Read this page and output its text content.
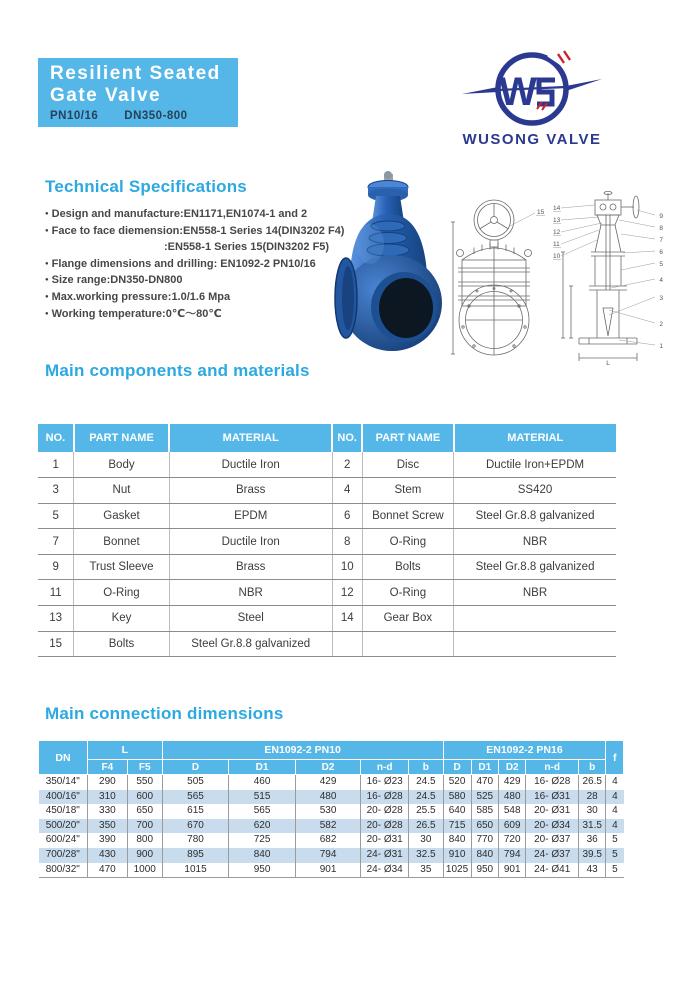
Resilient Seated
Gate Valve
PN10/16 DN350-800
W
WUSONG VALVE
Technical Specifications
● Design and manufacture:EN1171,EN1074-1 and 2
● Face to face diemension:EN558-1 Series 14(DIN3202 F4)
:EN558-1 Series 15(DIN3202 F5)
● Flange dimensions and drilling: EN1092-2 PN10/16
● Size range:DN350-DN800
● Max.working pressure:1.0/1.6 Mpa
● Working temperature:0℃～80℃
15
14
13
12
11
10
9
8
7
6
5
4
3
2
1
L
Main components and materials
NO.	PART NAME	MATERIAL	NO.	PART NAME	MATERIAL
1	Body	Ductile Iron	2	Disc	Ductile Iron+EPDM
3	Nut	Brass	4	Stem	SS420
5	Gasket	EPDM	6	Bonnet Screw	Steel Gr.8.8 galvanized
7	Bonnet	Ductile Iron	8	O-Ring	NBR
9	Trust Sleeve	Brass	10	Bolts	Steel Gr.8.8 galvanized
11	O-Ring	NBR	12	O-Ring	NBR
13	Key	Steel	14	Gear Box	
15	Bolts	Steel Gr.8.8 galvanized			
Main connection dimensions
DN	L		EN1092-2 PN10					EN1092-2 PN16					f
	F4	F5	D	D1	D2	n-d	b	D	D1	D2	n-d	b	
350/14"	290	550	505	460	429	16- Ø23	24.5	520	470	429	16- Ø28	26.5	4
400/16"	310	600	565	515	480	16- Ø28	24.5	580	525	480	16- Ø31	28	4
450/18"	330	650	615	565	530	20- Ø28	25.5	640	585	548	20- Ø31	30	4
500/20"	350	700	670	620	582	20- Ø28	26.5	715	650	609	20- Ø34	31.5	4
600/24"	390	800	780	725	682	20- Ø31	30	840	770	720	20- Ø37	36	5
700/28"	430	900	895	840	794	24- Ø31	32.5	910	840	794	24- Ø37	39.5	5
800/32"	470	1000	1015	950	901	24- Ø34	35	1025	950	901	24- Ø41	43	5
